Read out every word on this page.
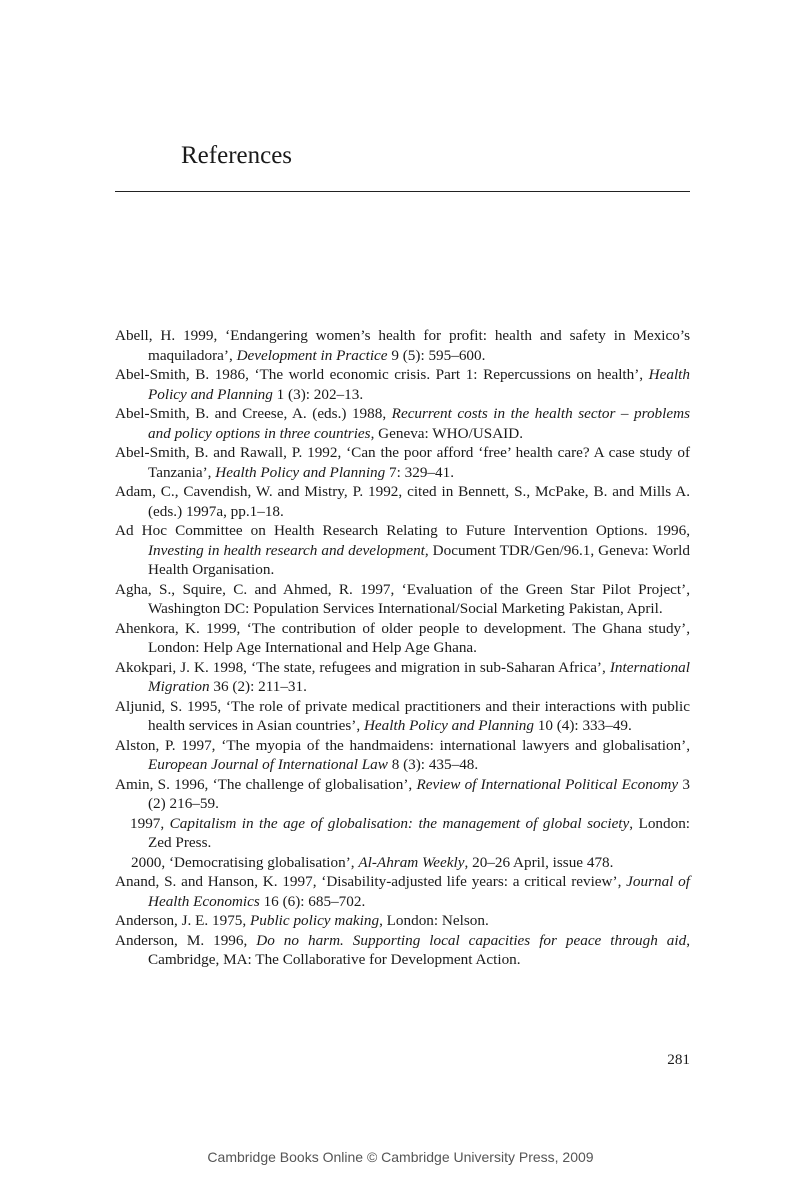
References

Abell, H. 1999, ‘Endangering women’s health for profit: health and safety in Mexico’s maquiladora’, Development in Practice 9 (5): 595–600.

Abel-Smith, B. 1986, ‘The world economic crisis. Part 1: Repercussions on health’, Health Policy and Planning 1 (3): 202–13.

Abel-Smith, B. and Creese, A. (eds.) 1988, Recurrent costs in the health sector – problems and policy options in three countries, Geneva: WHO/USAID.

Abel-Smith, B. and Rawall, P. 1992, ‘Can the poor afford ‘free’ health care? A case study of Tanzania’, Health Policy and Planning 7: 329–41.

Adam, C., Cavendish, W. and Mistry, P. 1992, cited in Bennett, S., McPake, B. and Mills A. (eds.) 1997a, pp.1–18.

Ad Hoc Committee on Health Research Relating to Future Intervention Options. 1996, Investing in health research and development, Document TDR/Gen/96.1, Geneva: World Health Organisation.

Agha, S., Squire, C. and Ahmed, R. 1997, ‘Evaluation of the Green Star Pilot Project’, Washington DC: Population Services International/Social Marketing Pakistan, April.

Ahenkora, K. 1999, ‘The contribution of older people to development. The Ghana study’, London: Help Age International and Help Age Ghana.

Akokpari, J. K. 1998, ‘The state, refugees and migration in sub-Saharan Africa’, International Migration 36 (2): 211–31.

Aljunid, S. 1995, ‘The role of private medical practitioners and their interactions with public health services in Asian countries’, Health Policy and Planning 10 (4): 333–49.

Alston, P. 1997, ‘The myopia of the handmaidens: international lawyers and globalisation’, European Journal of International Law 8 (3): 435–48.

Amin, S. 1996, ‘The challenge of globalisation’, Review of International Political Economy 3 (2) 216–59.

1997, Capitalism in the age of globalisation: the management of global society, London: Zed Press.

2000, ‘Democratising globalisation’, Al-Ahram Weekly, 20–26 April, issue 478.

Anand, S. and Hanson, K. 1997, ‘Disability-adjusted life years: a critical review’, Journal of Health Economics 16 (6): 685–702.

Anderson, J. E. 1975, Public policy making, London: Nelson.

Anderson, M. 1996, Do no harm. Supporting local capacities for peace through aid, Cambridge, MA: The Collaborative for Development Action.

281
Cambridge Books Online © Cambridge University Press, 2009
